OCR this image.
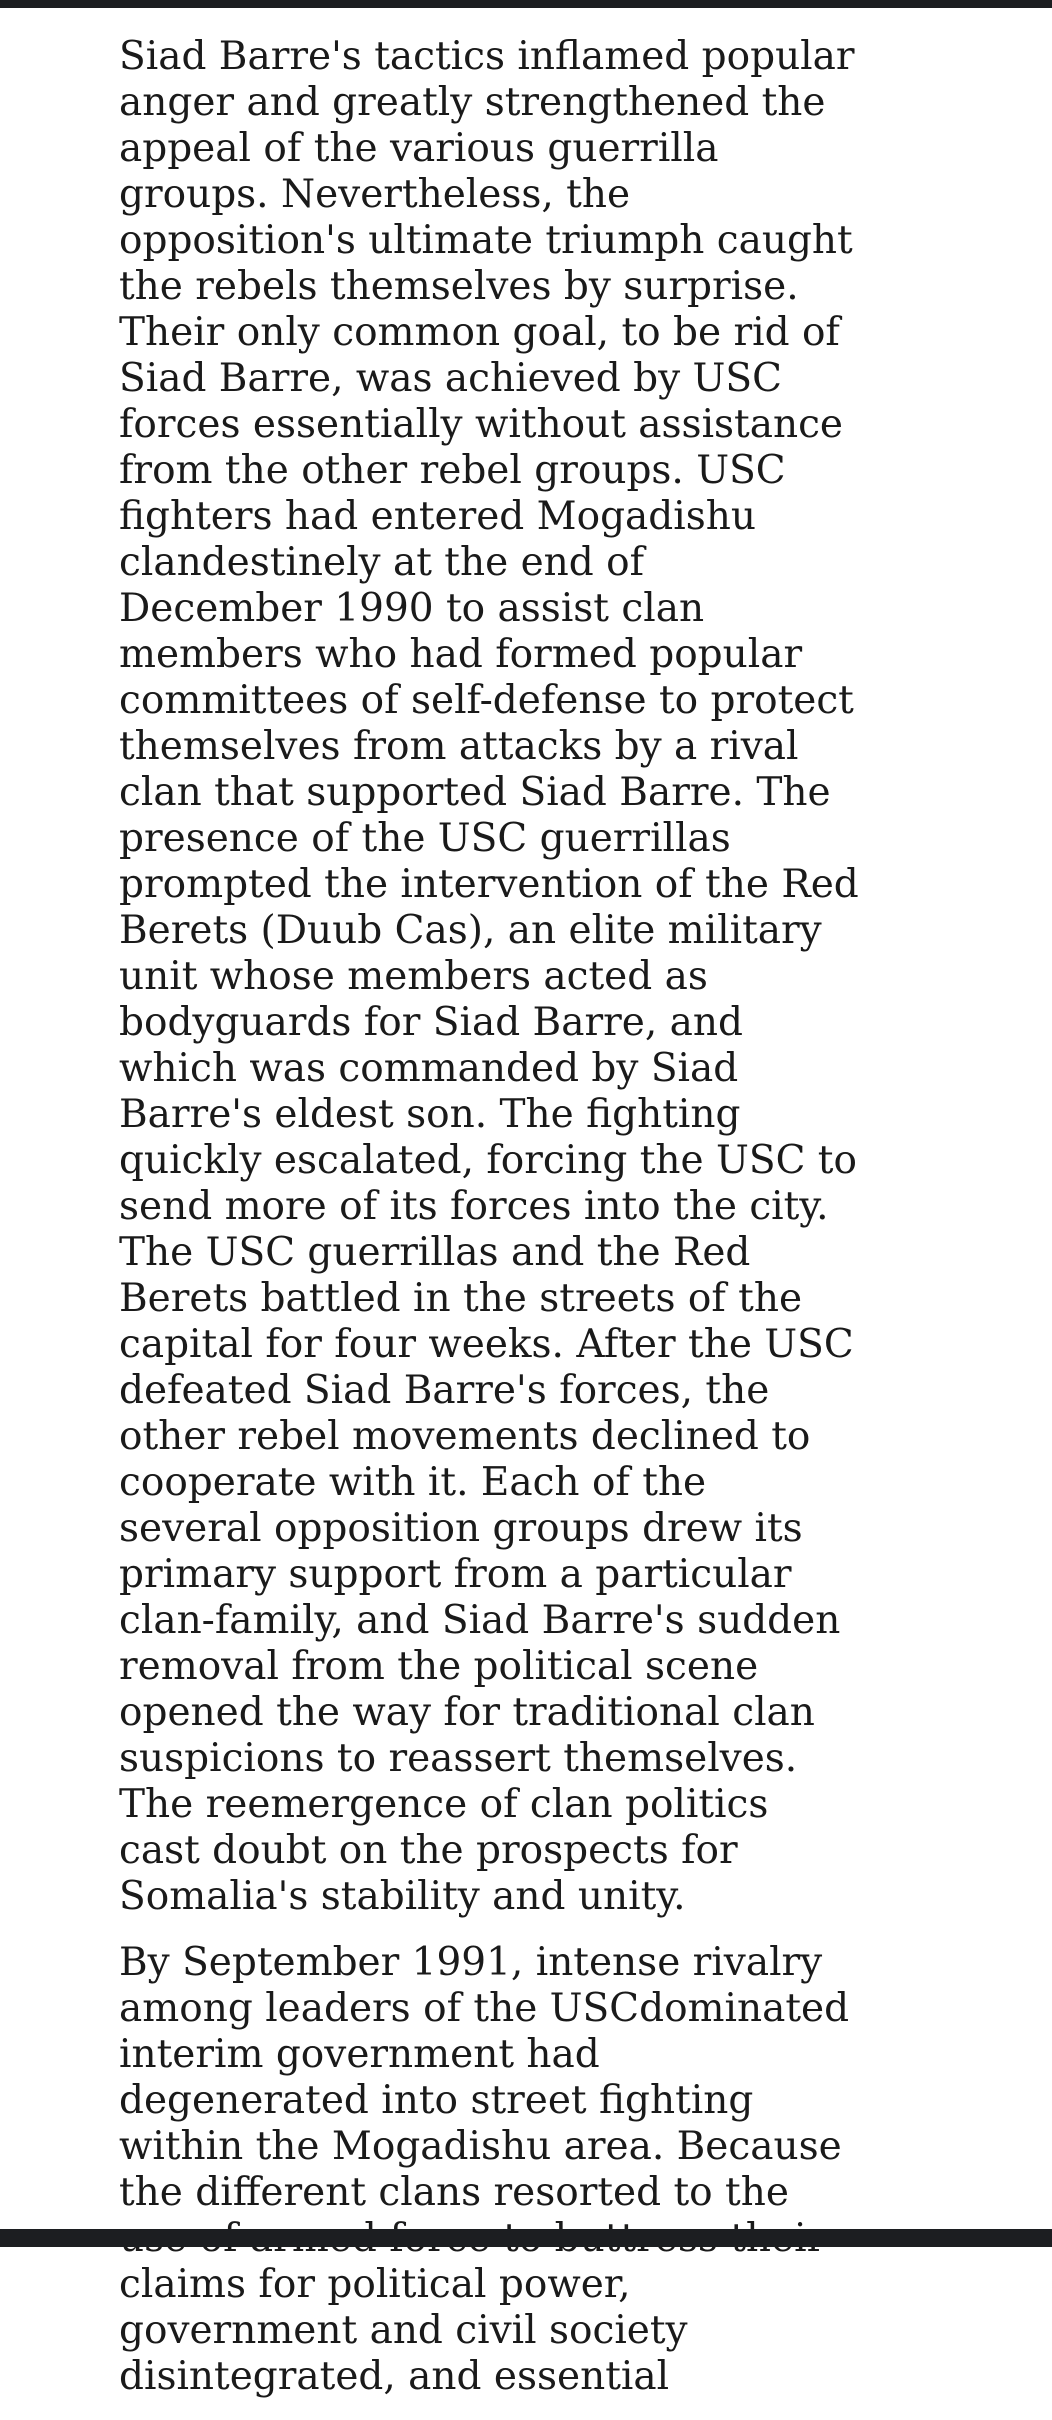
Siad Barre's tactics inflamed popular anger and greatly strengthened the appeal of the various guerrilla groups. Nevertheless, the opposition's ultimate triumph caught the rebels themselves by surprise. Their only common goal, to be rid of Siad Barre, was achieved by USC forces essentially without assistance from the other rebel groups. USC fighters had entered Mogadishu clandestinely at the end of December 1990 to assist clan members who had formed popular committees of self-defense to protect themselves from attacks by a rival clan that supported Siad Barre. The presence of the USC guerrillas prompted the intervention of the Red Berets (Duub Cas), an elite military unit whose members acted as bodyguards for Siad Barre, and which was commanded by Siad Barre's eldest son. The fighting quickly escalated, forcing the USC to send more of its forces into the city. The USC guerrillas and the Red Berets battled in the streets of the capital for four weeks. After the USC defeated Siad Barre's forces, the other rebel movements declined to cooperate with it. Each of the several opposition groups drew its primary support from a particular clan-family, and Siad Barre's sudden removal from the political scene opened the way for traditional clan suspicions to reassert themselves. The reemergence of clan politics cast doubt on the prospects for Somalia's stability and unity.

By September 1991, intense rivalry among leaders of the USCdominated interim government had degenerated into street fighting within the Mogadishu area. Because the different clans resorted to the use of armed force to buttress their claims for political power, government and civil society disintegrated, and essential
